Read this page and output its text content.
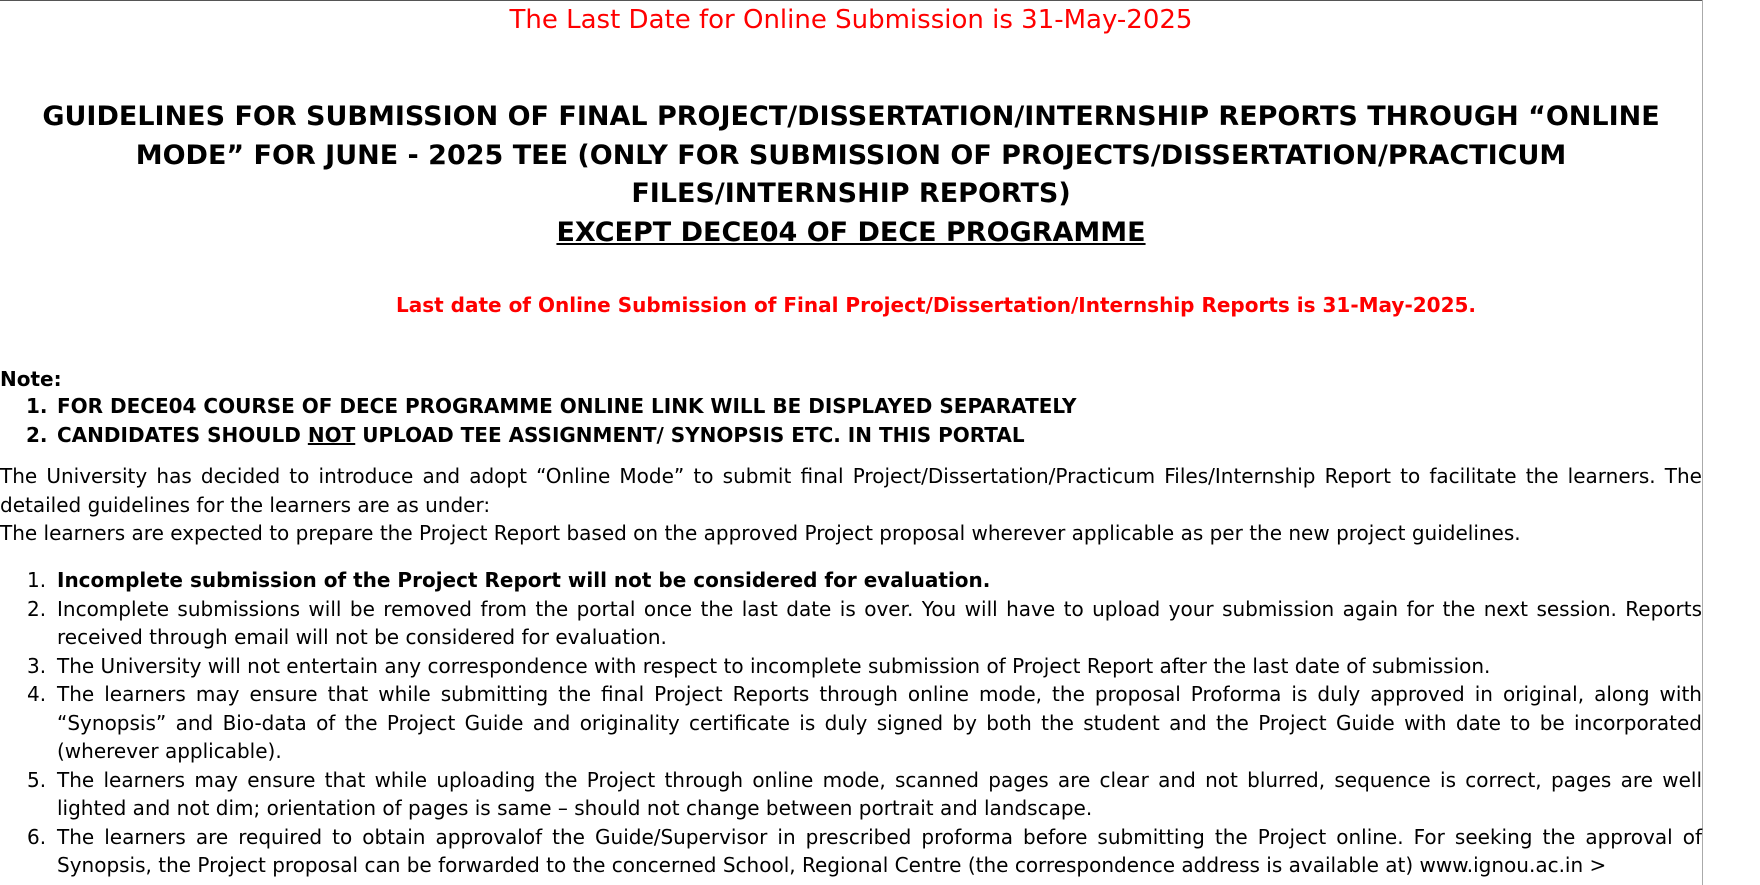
The Last Date for Online Submission is 31-May-2025
GUIDELINES FOR SUBMISSION OF FINAL PROJECT/DISSERTATION/INTERNSHIP REPORTS THROUGH “ONLINE
MODE” FOR JUNE - 2025 TEE (ONLY FOR SUBMISSION OF PROJECTS/DISSERTATION/PRACTICUM
FILES/INTERNSHIP REPORTS)
EXCEPT DECE04 OF DECE PROGRAMME
Last date of Online Submission of Final Project/Dissertation/Internship Reports is 31-May-2025.
Note:
1. FOR DECE04 COURSE OF DECE PROGRAMME ONLINE LINK WILL BE DISPLAYED SEPARATELY
2. CANDIDATES SHOULD NOT UPLOAD TEE ASSIGNMENT/ SYNOPSIS ETC. IN THIS PORTAL

The University has decided to introduce and adopt “Online Mode” to submit final Project/Dissertation/Practicum Files/Internship Report to facilitate the learners. The detailed guidelines for the learners are as under:

The learners are expected to prepare the Project Report based on the approved Project proposal wherever applicable as per the new project guidelines.

1. Incomplete submission of the Project Report will not be considered for evaluation.
2. Incomplete submissions will be removed from the portal once the last date is over. You will have to upload your submission again for the next session. Reports received through email will not be considered for evaluation.
3. The University will not entertain any correspondence with respect to incomplete submission of Project Report after the last date of submission.
4. The learners may ensure that while submitting the final Project Reports through online mode, the proposal Proforma is duly approved in original, along with “Synopsis” and Bio-data of the Project Guide and originality certificate is duly signed by both the student and the Project Guide with date to be incorporated (wherever applicable).
5. The learners may ensure that while uploading the Project through online mode, scanned pages are clear and not blurred, sequence is correct, pages are well lighted and not dim; orientation of pages is same – should not change between portrait and landscape.
6. The learners are required to obtain approvalof the Guide/Supervisor in prescribed proforma before submitting the Project online. For seeking the approval of Synopsis, the Project proposal can be forwarded to the concerned School, Regional Centre (the correspondence address is available at) www.ignou.ac.in >
